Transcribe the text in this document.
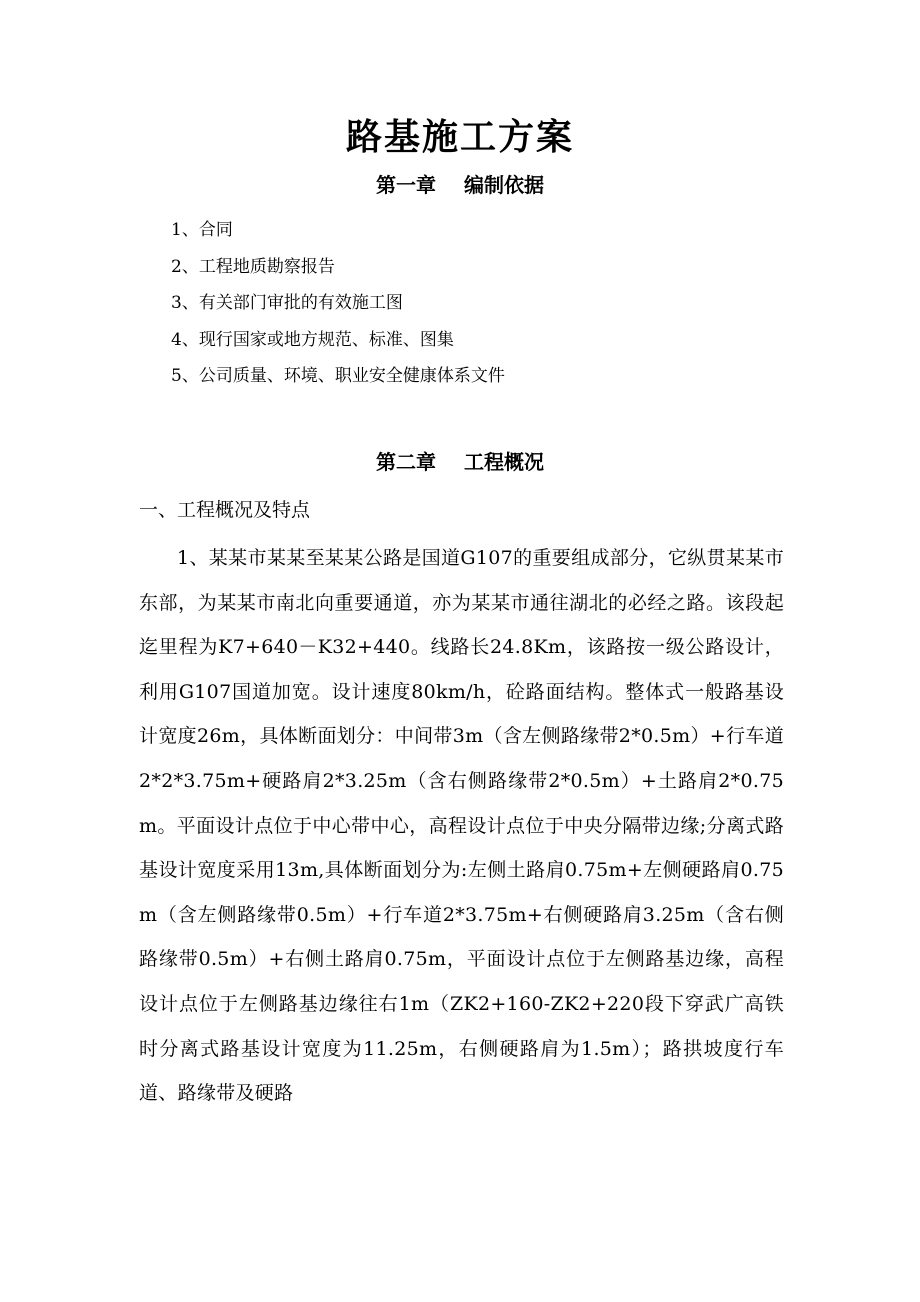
路基施工方案
第一章 编制依据
1、合同
2、工程地质勘察报告
3、有关部门审批的有效施工图
4、现行国家或地方规范、标准、图集
5、公司质量、环境、职业安全健康体系文件
第二章 工程概况
一、工程概况及特点

1、某某市某某至某某公路是国道G107的重要组成部分，它纵贯某某市东部，为某某市南北向重要通道，亦为某某市通往湖北的必经之路。该段起迄里程为K7+640－K32+440。线路长24.8Km，该路按一级公路设计，利用G107国道加宽。设计速度80km/h，砼路面结构。整体式一般路基设计宽度26m，具体断面划分：中间带3m（含左侧路缘带2*0.5m）+行车道2*2*3.75m+硬路肩2*3.25m（含右侧路缘带2*0.5m）+土路肩2*0.75m。平面设计点位于中心带中心，高程设计点位于中央分隔带边缘;分离式路基设计宽度采用13m,具体断面划分为:左侧土路肩0.75m+左侧硬路肩0.75m（含左侧路缘带0.5m）+行车道2*3.75m+右侧硬路肩3.25m（含右侧路缘带0.5m）+右侧土路肩0.75m，平面设计点位于左侧路基边缘，高程设计点位于左侧路基边缘往右1m（ZK2+160-ZK2+220段下穿武广高铁时分离式路基设计宽度为11.25m，右侧硬路肩为1.5m）；路拱坡度行车道、路缘带及硬路
